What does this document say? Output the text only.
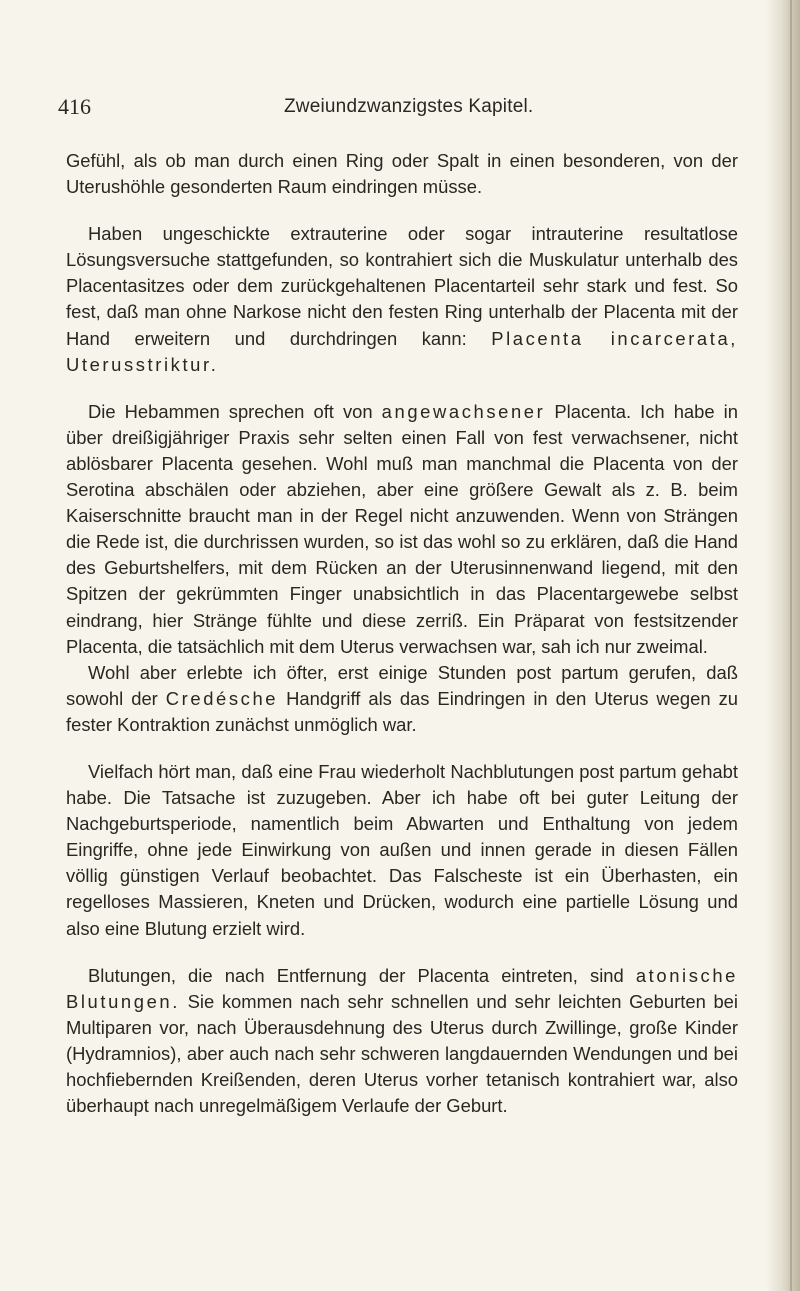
416	Zweiundzwanzigstes Kapitel.

Gefühl, als ob man durch einen Ring oder Spalt in einen besonderen, von der Uterushöhle gesonderten Raum eindringen müsse.

Haben ungeschickte extrauterine oder sogar intrauterine resultatlose Lösungsversuche stattgefunden, so kontrahiert sich die Muskulatur unterhalb des Placentasitzes oder dem zurückgehaltenen Placentarteil sehr stark und fest. So fest, daß man ohne Narkose nicht den festen Ring unterhalb der Placenta mit der Hand erweitern und durchdringen kann: Placenta incarcerata, Uterusstriktur.

Die Hebammen sprechen oft von angewachsener Placenta. Ich habe in über dreißigjähriger Praxis sehr selten einen Fall von fest verwachsener, nicht ablösbarer Placenta gesehen. Wohl muß man manchmal die Placenta von der Serotina abschälen oder abziehen, aber eine größere Gewalt als z. B. beim Kaiserschnitte braucht man in der Regel nicht anzuwenden. Wenn von Strängen die Rede ist, die durchrissen wurden, so ist das wohl so zu erklären, daß die Hand des Geburtshelfers, mit dem Rücken an der Uterusinnenwand liegend, mit den Spitzen der gekrümmten Finger unabsichtlich in das Placentargewebe selbst eindrang, hier Stränge fühlte und diese zerriß. Ein Präparat von festsitzender Placenta, die tatsächlich mit dem Uterus verwachsen war, sah ich nur zweimal.

Wohl aber erlebte ich öfter, erst einige Stunden post partum gerufen, daß sowohl der Credésche Handgriff als das Eindringen in den Uterus wegen zu fester Kontraktion zunächst unmöglich war.

Vielfach hört man, daß eine Frau wiederholt Nachblutungen post partum gehabt habe. Die Tatsache ist zuzugeben. Aber ich habe oft bei guter Leitung der Nachgeburtsperiode, namentlich beim Abwarten und Enthaltung von jedem Eingriffe, ohne jede Einwirkung von außen und innen gerade in diesen Fällen völlig günstigen Verlauf beobachtet. Das Falscheste ist ein Überhasten, ein regelloses Massieren, Kneten und Drücken, wodurch eine partielle Lösung und also eine Blutung erzielt wird.

Blutungen, die nach Entfernung der Placenta eintreten, sind atonische Blutungen. Sie kommen nach sehr schnellen und sehr leichten Geburten bei Multiparen vor, nach Überausdehnung des Uterus durch Zwillinge, große Kinder (Hydramnios), aber auch nach sehr schweren langdauernden Wendungen und bei hochfiebernden Kreißenden, deren Uterus vorher tetanisch kontrahiert war, also überhaupt nach unregelmäßigem Verlaufe der Geburt.
